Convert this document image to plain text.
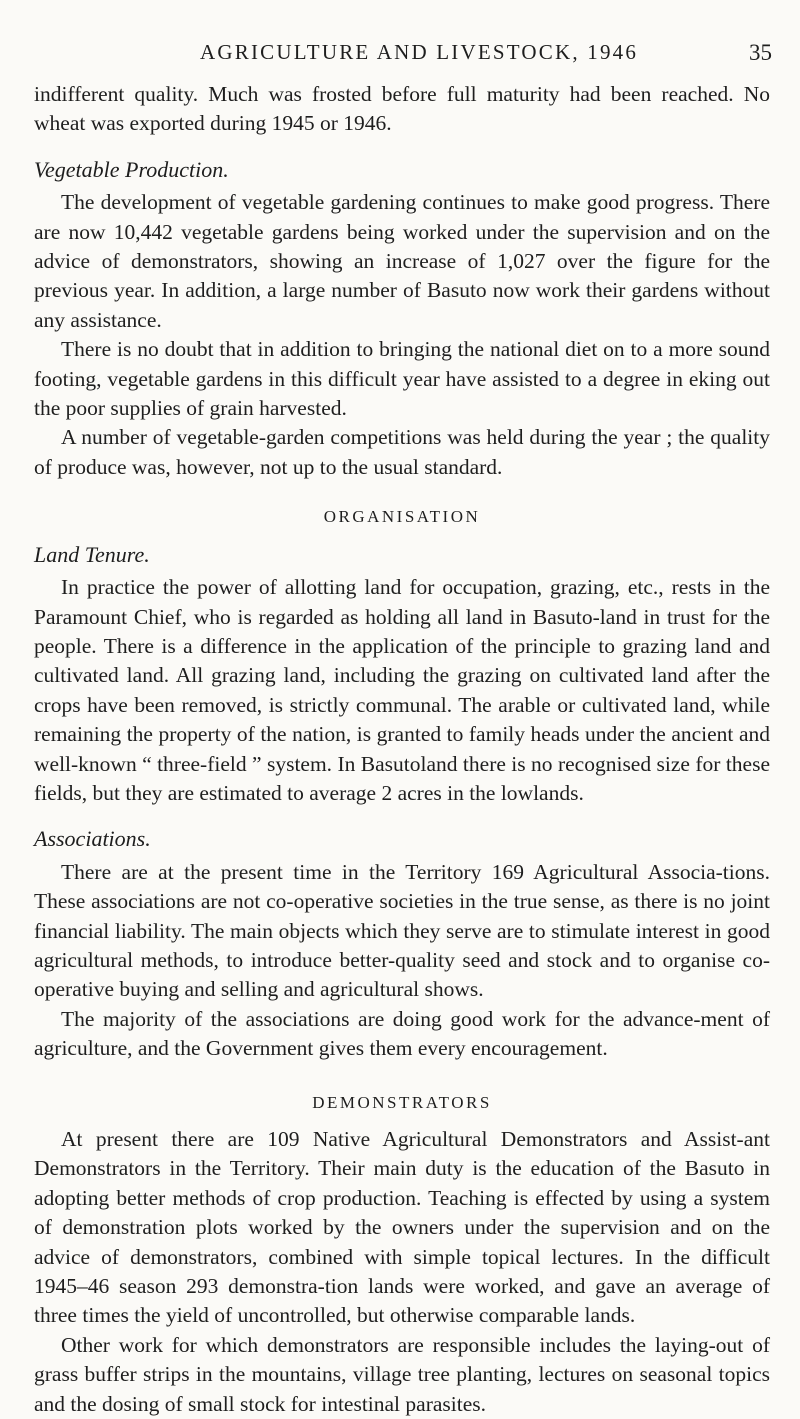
AGRICULTURE AND LIVESTOCK, 1946	35

indifferent quality. Much was frosted before full maturity had been reached. No wheat was exported during 1945 or 1946.

Vegetable Production.

The development of vegetable gardening continues to make good progress. There are now 10,442 vegetable gardens being worked under the supervision and on the advice of demonstrators, showing an increase of 1,027 over the figure for the previous year. In addition, a large number of Basuto now work their gardens without any assistance.

There is no doubt that in addition to bringing the national diet on to a more sound footing, vegetable gardens in this difficult year have assisted to a degree in eking out the poor supplies of grain harvested.

A number of vegetable-garden competitions was held during the year ; the quality of produce was, however, not up to the usual standard.

ORGANISATION
Land Tenure.

In practice the power of allotting land for occupation, grazing, etc., rests in the Paramount Chief, who is regarded as holding all land in Basuto-land in trust for the people. There is a difference in the application of the principle to grazing land and cultivated land. All grazing land, including the grazing on cultivated land after the crops have been removed, is strictly communal. The arable or cultivated land, while remaining the property of the nation, is granted to family heads under the ancient and well-known “ three-field ” system. In Basutoland there is no recognised size for these fields, but they are estimated to average 2 acres in the lowlands.

Associations.

There are at the present time in the Territory 169 Agricultural Associa-tions. These associations are not co-operative societies in the true sense, as there is no joint financial liability. The main objects which they serve are to stimulate interest in good agricultural methods, to introduce better-quality seed and stock and to organise co-operative buying and selling and agricultural shows.

The majority of the associations are doing good work for the advance-ment of agriculture, and the Government gives them every encouragement.

DEMONSTRATORS

At present there are 109 Native Agricultural Demonstrators and Assist-ant Demonstrators in the Territory. Their main duty is the education of the Basuto in adopting better methods of crop production. Teaching is effected by using a system of demonstration plots worked by the owners under the supervision and on the advice of demonstrators, combined with simple topical lectures. In the difficult 1945–46 season 293 demonstra-tion lands were worked, and gave an average of three times the yield of uncontrolled, but otherwise comparable lands.

Other work for which demonstrators are responsible includes the laying-out of grass buffer strips in the mountains, village tree planting, lectures on seasonal topics and the dosing of small stock for intestinal parasites.
